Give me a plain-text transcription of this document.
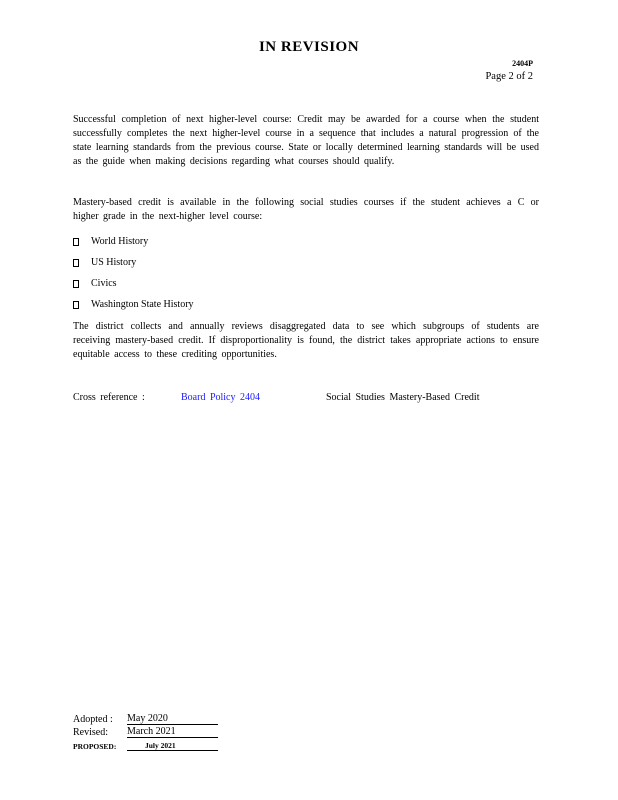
IN REVISION
2404P
Page 2 of 2

Successful completion of next higher-level course: Credit may be awarded for a course when the student successfully completes the next higher-level course in a sequence that includes a natural progression of the state learning standards from the previous course. State or locally determined learning standards will be used as the guide when making decisions regarding what courses should qualify.

Mastery-based credit is available in the following social studies courses if the student achieves a C or higher grade in the next-higher level course:

World History
US History
Civics
Washington State History

The district collects and annually reviews disaggregated data to see which subgroups of students are receiving mastery-based credit. If disproportionality is found, the district takes appropriate actions to ensure equitable access to these crediting opportunities.

Cross reference :	Board Policy 2404	Social Studies Mastery-Based Credit
Adopted :	May 2020
Revised:	March 2021
PROPOSED:	July 2021
